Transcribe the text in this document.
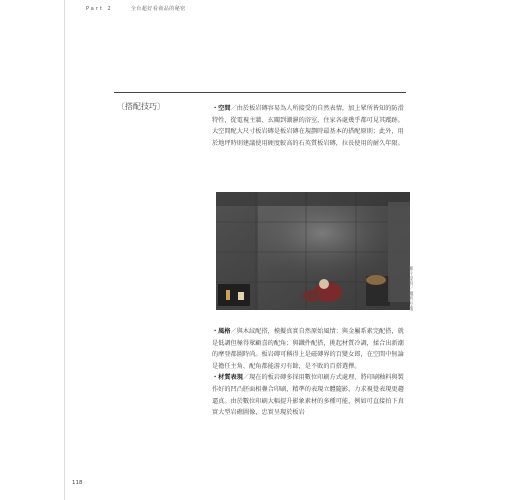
Part 2	全台超好看商品的秘密
〔搭配技巧〕	・空間／由於板岩磚容易為人所接受的自然表情，加上眾所皆知的防滑特性，從電視主牆、玄關到潮濕的浴室，住家各處幾乎都可見其蹤跡。大空間配大尺寸板岩磚是板岩磚在規劃時最基本的搭配原則；此外，用於地坪時則建議使用硬度較高的石英質板岩磚，拉長使用的耐久年限。
圖片提供／魔術方塊
・風格／與木紋配搭，模擬真實自然原始風情；與金屬系素完配搭，就是低調但極得眾顧喜的配角；與鐵件配搭，挑起材質冷調，揉合出新潮的摩登都圖時尚。板岩磚可稱得上是磁磚界的百變女郎，在空間中無論是擔任主角、配角都能游刃有餘，是不敗的百搭選擇。
・材質表現／現在的板岩磚多採用數位印刷方式處理，將印刷釉料與製作好的凹凸胚面相疊合印刷，精準的表現立體隨影、力求視覺表現更趨逼真。由於數位印刷大幅提升影象素材的多種可能，例如可直接拍下真實大型岩礁圖像，忠實呈現於板岩
118
